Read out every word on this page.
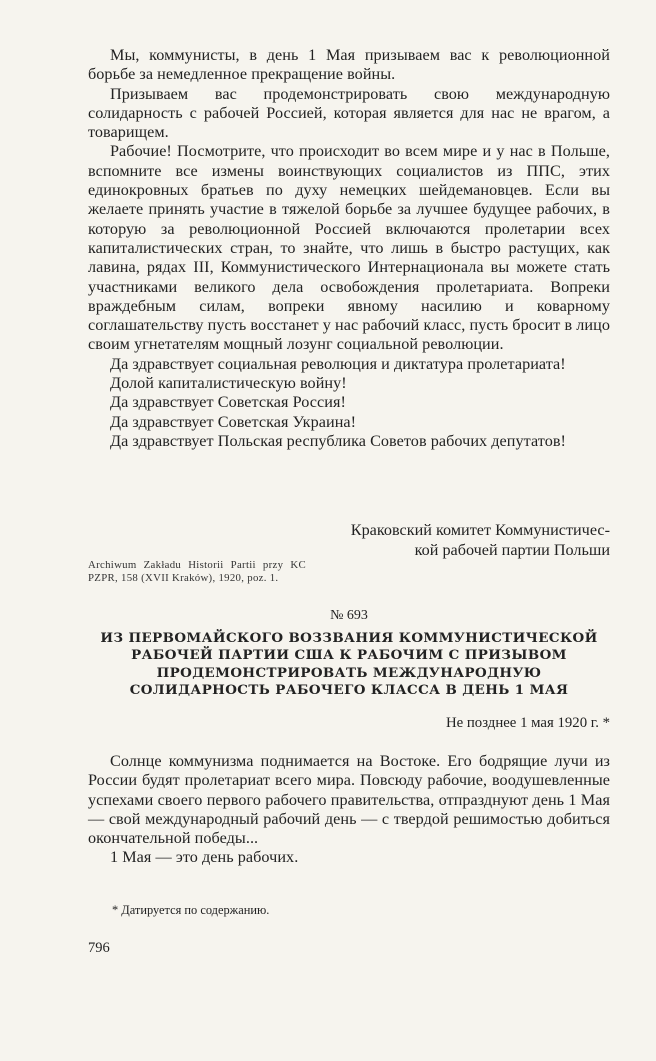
Мы, коммунисты, в день 1 Мая призываем вас к революционной борьбе за немедленное прекращение войны.

Призываем вас продемонстрировать свою международную солидарность с рабочей Россией, которая является для нас не врагом, а товарищем.

Рабочие! Посмотрите, что происходит во всем мире и у нас в Польше, вспомните все измены воинствующих социалистов из ППС, этих единокровных братьев по духу немецких шейдемановцев. Если вы желаете принять участие в тяжелой борьбе за лучшее будущее рабочих, в которую за революционной Россией включаются пролетарии всех капиталистических стран, то знайте, что лишь в быстро растущих, как лавина, рядах III, Коммунистического Интернационала вы можете стать участниками великого дела освобождения пролетариата. Вопреки враждебным силам, вопреки явному насилию и коварному соглашательству пусть восстанет у нас рабочий класс, пусть бросит в лицо своим угнетателям мощный лозунг социальной революции.

Да здравствует социальная революция и диктатура пролетариата!

Долой капиталистическую войну!

Да здравствует Советская Россия!

Да здравствует Советская Украина!

Да здравствует Польская республика Советов рабочих депутатов!

Краковский комитет Коммунистичес-
кой рабочей партии Польши
Archiwum Zakładu Historii Partii przy KC PZPR, 158 (XVII Kraków), 1920, poz. 1.
№ 693
ИЗ ПЕРВОМАЙСКОГО ВОЗЗВАНИЯ КОММУНИСТИЧЕСКОЙ РАБОЧЕЙ ПАРТИИ США К РАБОЧИМ С ПРИЗЫВОМ ПРОДЕМОНСТРИРОВАТЬ МЕЖДУНАРОДНУЮ СОЛИДАРНОСТЬ РАБОЧЕГО КЛАССА В ДЕНЬ 1 МАЯ
Не позднее 1 мая 1920 г. *

Солнце коммунизма поднимается на Востоке. Его бодрящие лучи из России будят пролетариат всего мира. Повсюду рабочие, воодушевленные успехами своего первого рабочего правительства, отпразднуют день 1 Мая — свой международный рабочий день — с твердой решимостью добиться окончательной победы...

1 Мая — это день рабочих.

* Датируется по содержанию.
796
